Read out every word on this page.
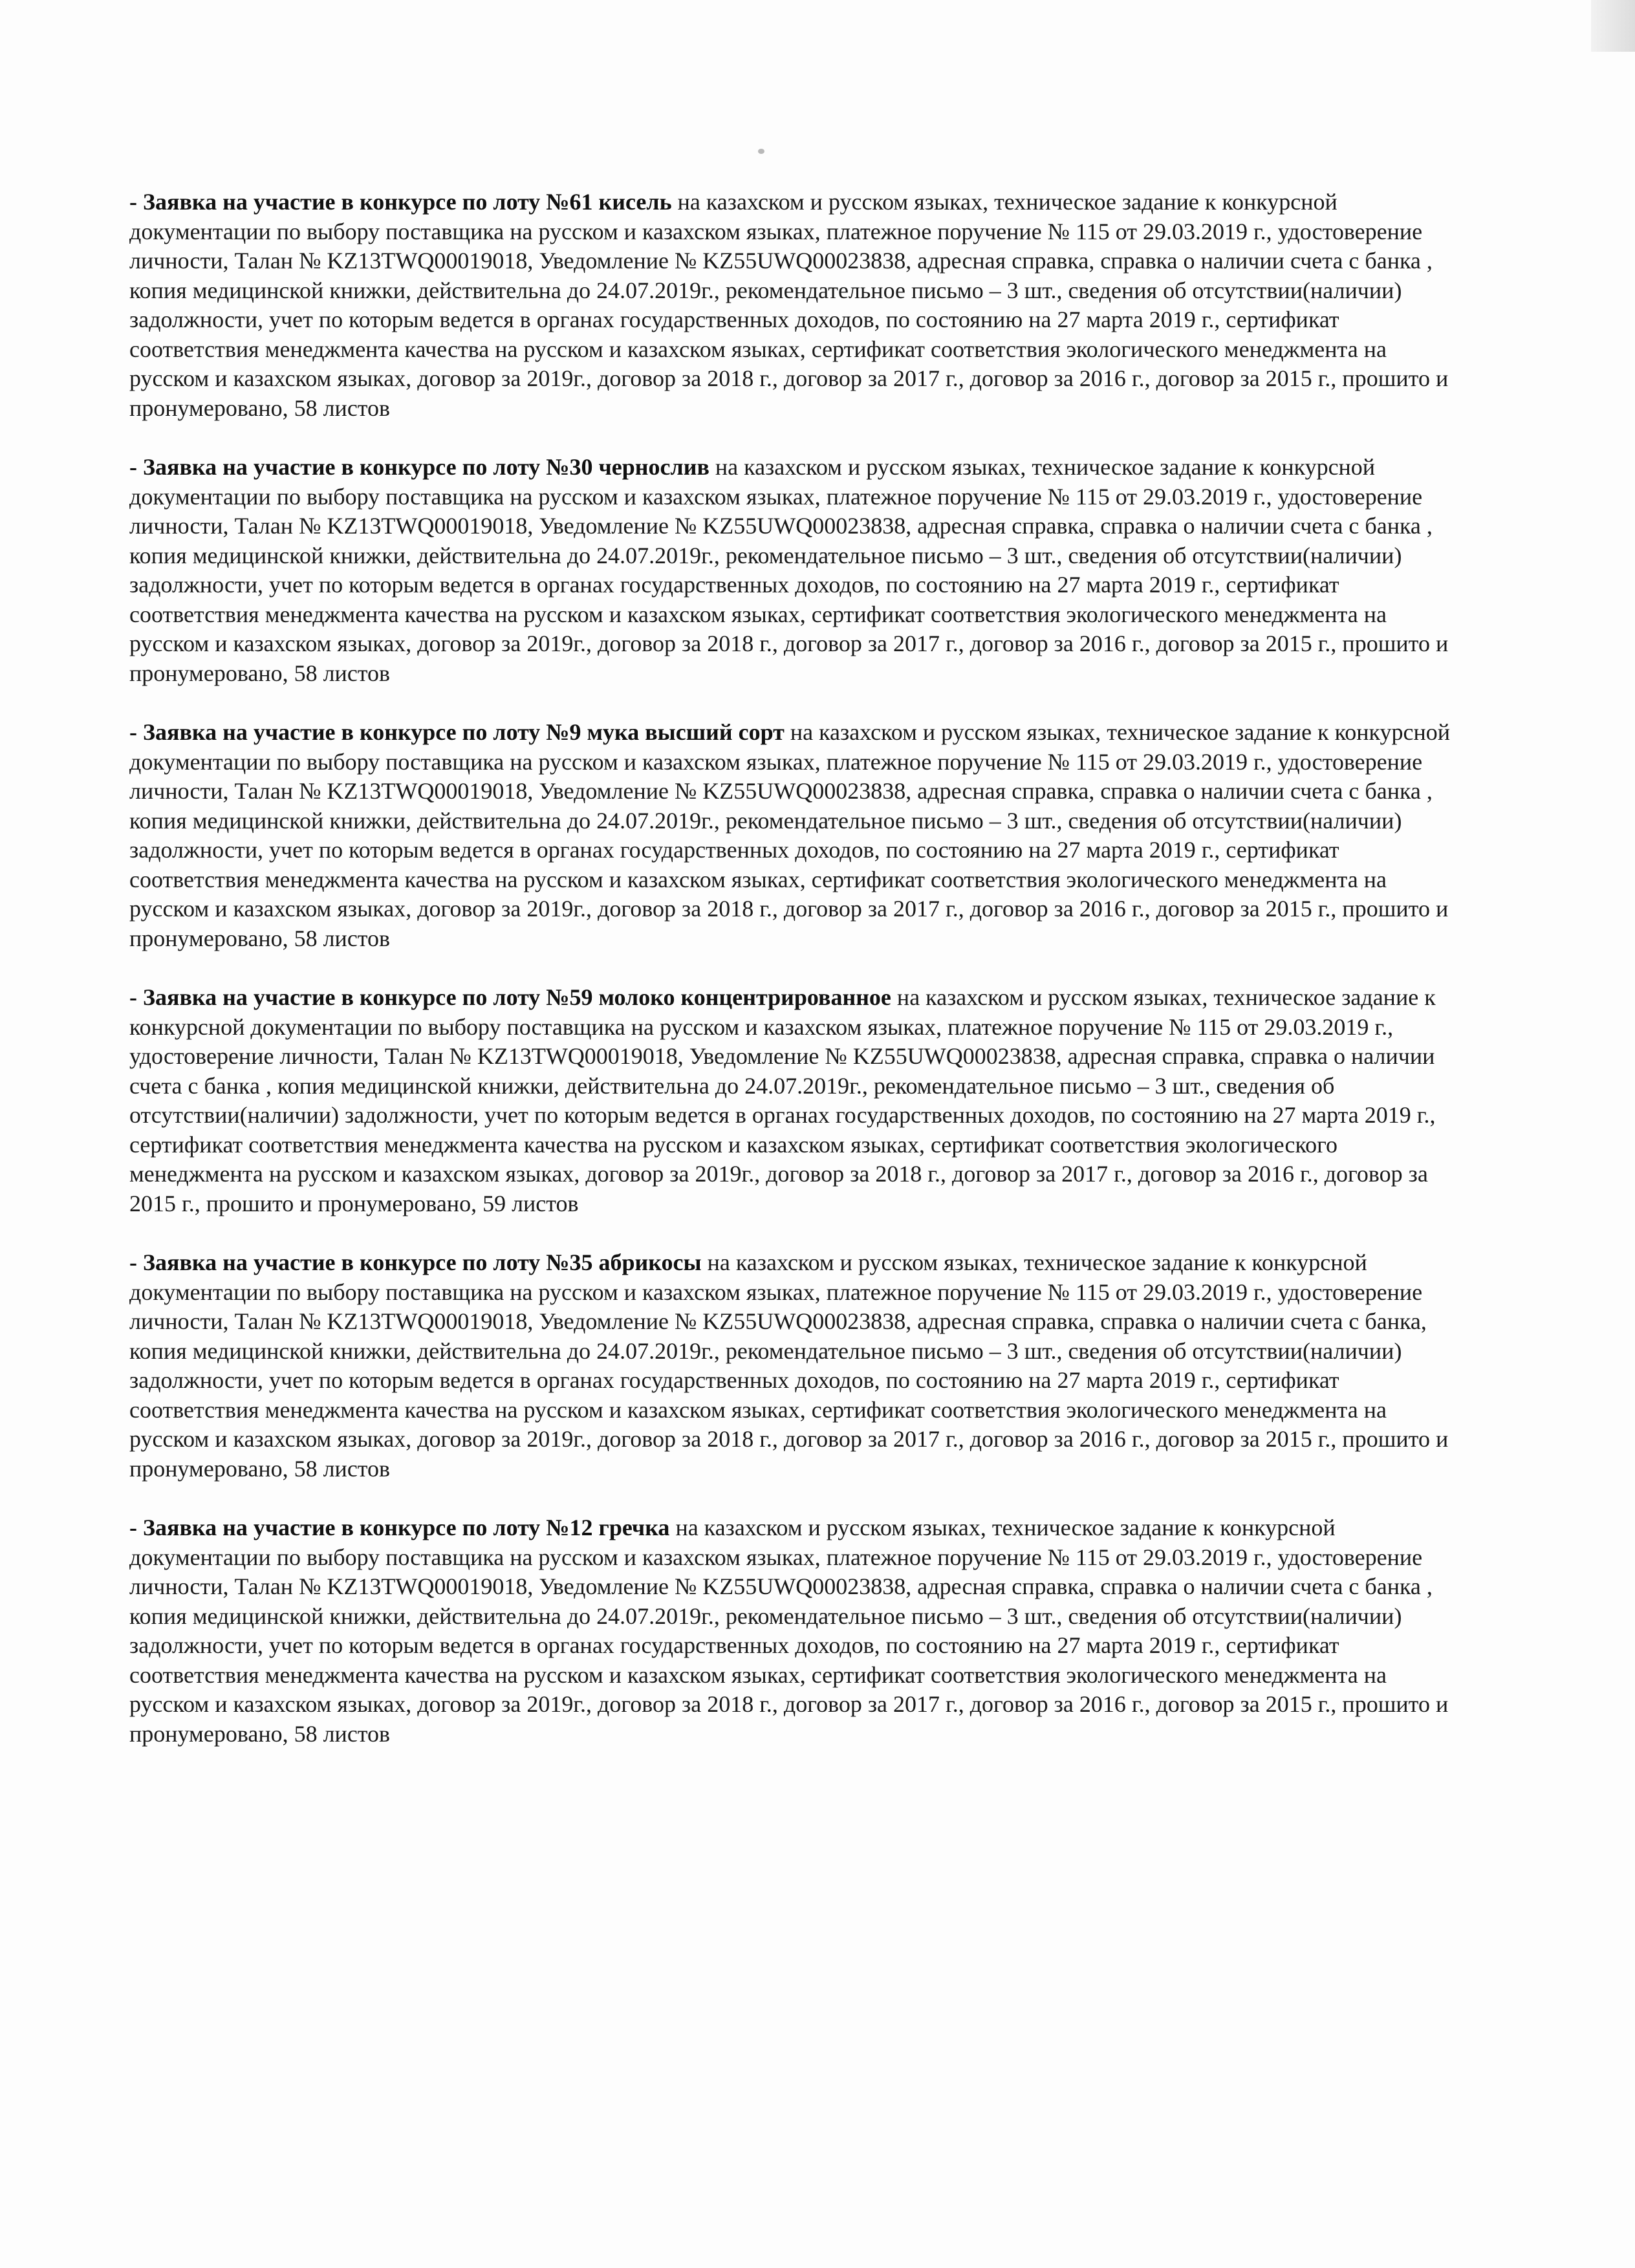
- Заявка на участие в конкурсе по лоту №61 кисель на казахском и русском языках, техническое задание к конкурсной документации по выбору поставщика на русском и казахском языках, платежное поручение № 115 от 29.03.2019 г., удостоверение личности, Талан № KZ13TWQ00019018, Уведомление № KZ55UWQ00023838, адресная справка, справка о наличии счета с банка , копия медицинской книжки, действительна до 24.07.2019г., рекомендательное письмо – 3 шт., сведения об отсутствии(наличии) задолжности, учет по которым ведется в органах государственных доходов, по состоянию на 27 марта 2019 г., сертификат соответствия менеджмента качества на русском и казахском языках, сертификат соответствия экологического менеджмента на русском и казахском языках, договор за 2019г., договор за 2018 г., договор за 2017 г., договор за 2016 г., договор за 2015 г., прошито и пронумеровано, 58 листов

- Заявка на участие в конкурсе по лоту №30 чернослив на казахском и русском языках, техническое задание к конкурсной документации по выбору поставщика на русском и казахском языках, платежное поручение № 115 от 29.03.2019 г., удостоверение личности, Талан № KZ13TWQ00019018, Уведомление № KZ55UWQ00023838, адресная справка, справка о наличии счета с банка , копия медицинской книжки, действительна до 24.07.2019г., рекомендательное письмо – 3 шт., сведения об отсутствии(наличии) задолжности, учет по которым ведется в органах государственных доходов, по состоянию на 27 марта 2019 г., сертификат соответствия менеджмента качества на русском и казахском языках, сертификат соответствия экологического менеджмента на русском и казахском языках, договор за 2019г., договор за 2018 г., договор за 2017 г., договор за 2016 г., договор за 2015 г., прошито и пронумеровано, 58 листов

- Заявка на участие в конкурсе по лоту №9 мука высший сорт на казахском и русском языках, техническое задание к конкурсной документации по выбору поставщика на русском и казахском языках, платежное поручение № 115 от 29.03.2019 г., удостоверение личности, Талан № KZ13TWQ00019018, Уведомление № KZ55UWQ00023838, адресная справка, справка о наличии счета с банка , копия медицинской книжки, действительна до 24.07.2019г., рекомендательное письмо – 3 шт., сведения об отсутствии(наличии) задолжности, учет по которым ведется в органах государственных доходов, по состоянию на 27 марта 2019 г., сертификат соответствия менеджмента качества на русском и казахском языках, сертификат соответствия экологического менеджмента на русском и казахском языках, договор за 2019г., договор за 2018 г., договор за 2017 г., договор за 2016 г., договор за 2015 г., прошито и пронумеровано, 58 листов

- Заявка на участие в конкурсе по лоту №59 молоко концентрированное на казахском и русском языках, техническое задание к конкурсной документации по выбору поставщика на русском и казахском языках, платежное поручение № 115 от 29.03.2019 г., удостоверение личности, Талан № KZ13TWQ00019018, Уведомление № KZ55UWQ00023838, адресная справка, справка о наличии счета с банка , копия медицинской книжки, действительна до 24.07.2019г., рекомендательное письмо – 3 шт., сведения об отсутствии(наличии) задолжности, учет по которым ведется в органах государственных доходов, по состоянию на 27 марта 2019 г., сертификат соответствия менеджмента качества на русском и казахском языках, сертификат соответствия экологического менеджмента на русском и казахском языках, договор за 2019г., договор за 2018 г., договор за 2017 г., договор за 2016 г., договор за 2015 г., прошито и пронумеровано, 59 листов

- Заявка на участие в конкурсе по лоту №35 абрикосы на казахском и русском языках, техническое задание к конкурсной документации по выбору поставщика на русском и казахском языках, платежное поручение № 115 от 29.03.2019 г., удостоверение личности, Талан № KZ13TWQ00019018, Уведомление № KZ55UWQ00023838, адресная справка, справка о наличии счета с банка, копия медицинской книжки, действительна до 24.07.2019г., рекомендательное письмо – 3 шт., сведения об отсутствии(наличии) задолжности, учет по которым ведется в органах государственных доходов, по состоянию на 27 марта 2019 г., сертификат соответствия менеджмента качества на русском и казахском языках, сертификат соответствия экологического менеджмента на русском и казахском языках, договор за 2019г., договор за 2018 г., договор за 2017 г., договор за 2016 г., договор за 2015 г., прошито и пронумеровано, 58 листов

- Заявка на участие в конкурсе по лоту №12 гречка на казахском и русском языках, техническое задание к конкурсной документации по выбору поставщика на русском и казахском языках, платежное поручение № 115 от 29.03.2019 г., удостоверение личности, Талан № KZ13TWQ00019018, Уведомление № KZ55UWQ00023838, адресная справка, справка о наличии счета с банка , копия медицинской книжки, действительна до 24.07.2019г., рекомендательное письмо – 3 шт., сведения об отсутствии(наличии) задолжности, учет по которым ведется в органах государственных доходов, по состоянию на 27 марта 2019 г., сертификат соответствия менеджмента качества на русском и казахском языках, сертификат соответствия экологического менеджмента на русском и казахском языках, договор за 2019г., договор за 2018 г., договор за 2017 г., договор за 2016 г., договор за 2015 г., прошито и пронумеровано, 58 листов
